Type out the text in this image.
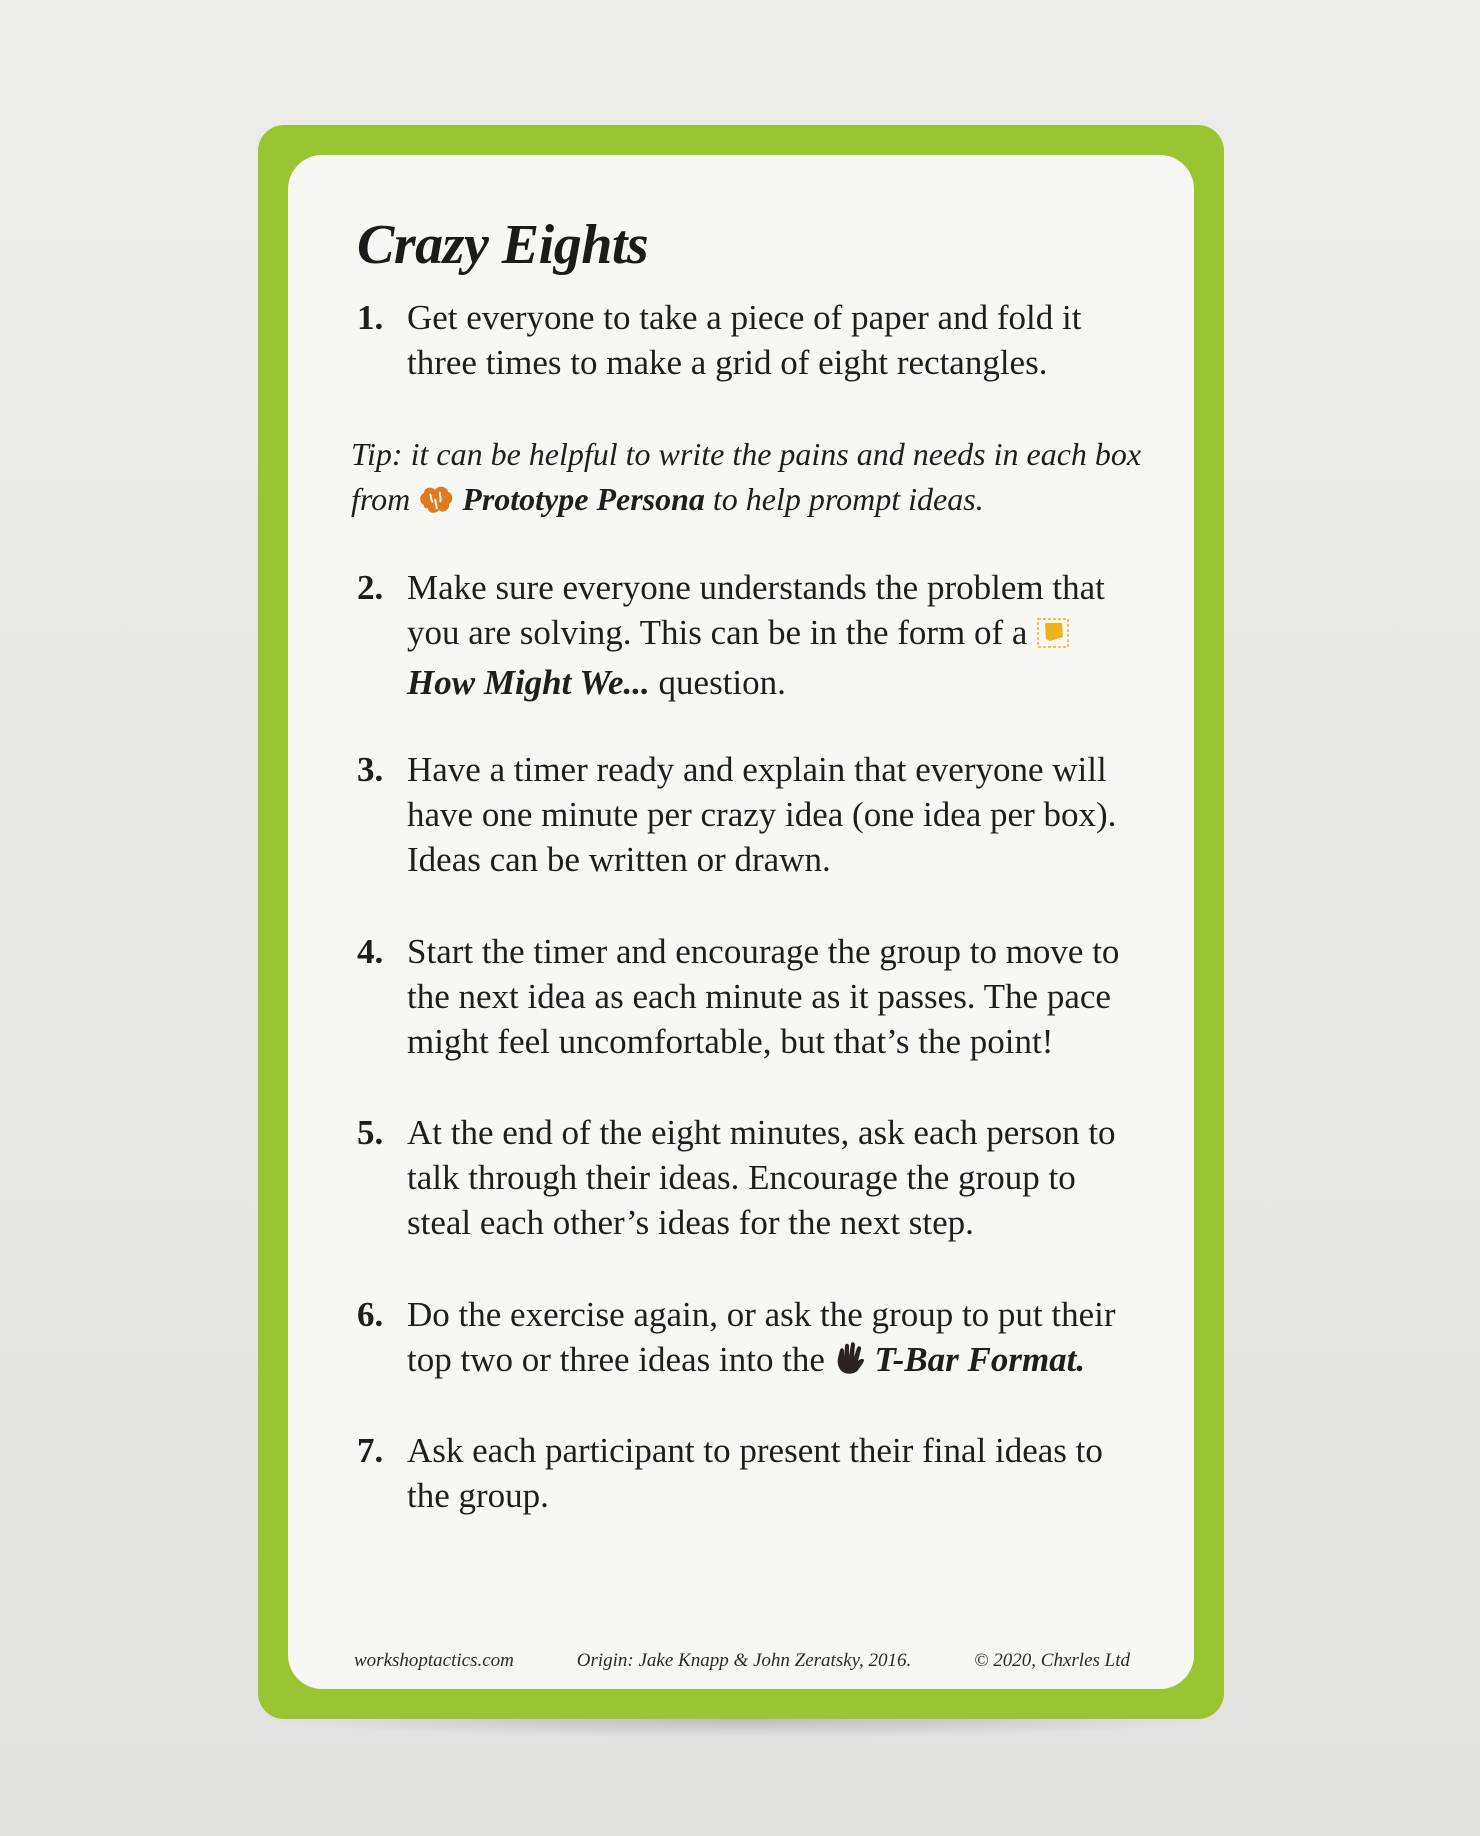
Crazy Eights
1. Get everyone to take a piece of paper and fold it three times to make a grid of eight rectangles.
Tip: it can be helpful to write the pains and needs in each box from Prototype Persona to help prompt ideas.
2. Make sure everyone understands the problem that you are solving. This can be in the form of a  How Might We... question.
3. Have a timer ready and explain that everyone will have one minute per crazy idea (one idea per box). Ideas can be written or drawn.
4. Start the timer and encourage the group to move to the next idea as each minute as it passes. The pace might feel uncomfortable, but that’s the point!
5. At the end of the eight minutes, ask each person to talk through their ideas. Encourage the group to steal each other’s ideas for the next step.
6. Do the exercise again, or ask the group to put their top two or three ideas into the T-Bar Format.
7. Ask each participant to present their final ideas to the group.
workshoptactics.com	Origin: Jake Knapp & John Zeratsky, 2016.	© 2020, Chxrles Ltd
